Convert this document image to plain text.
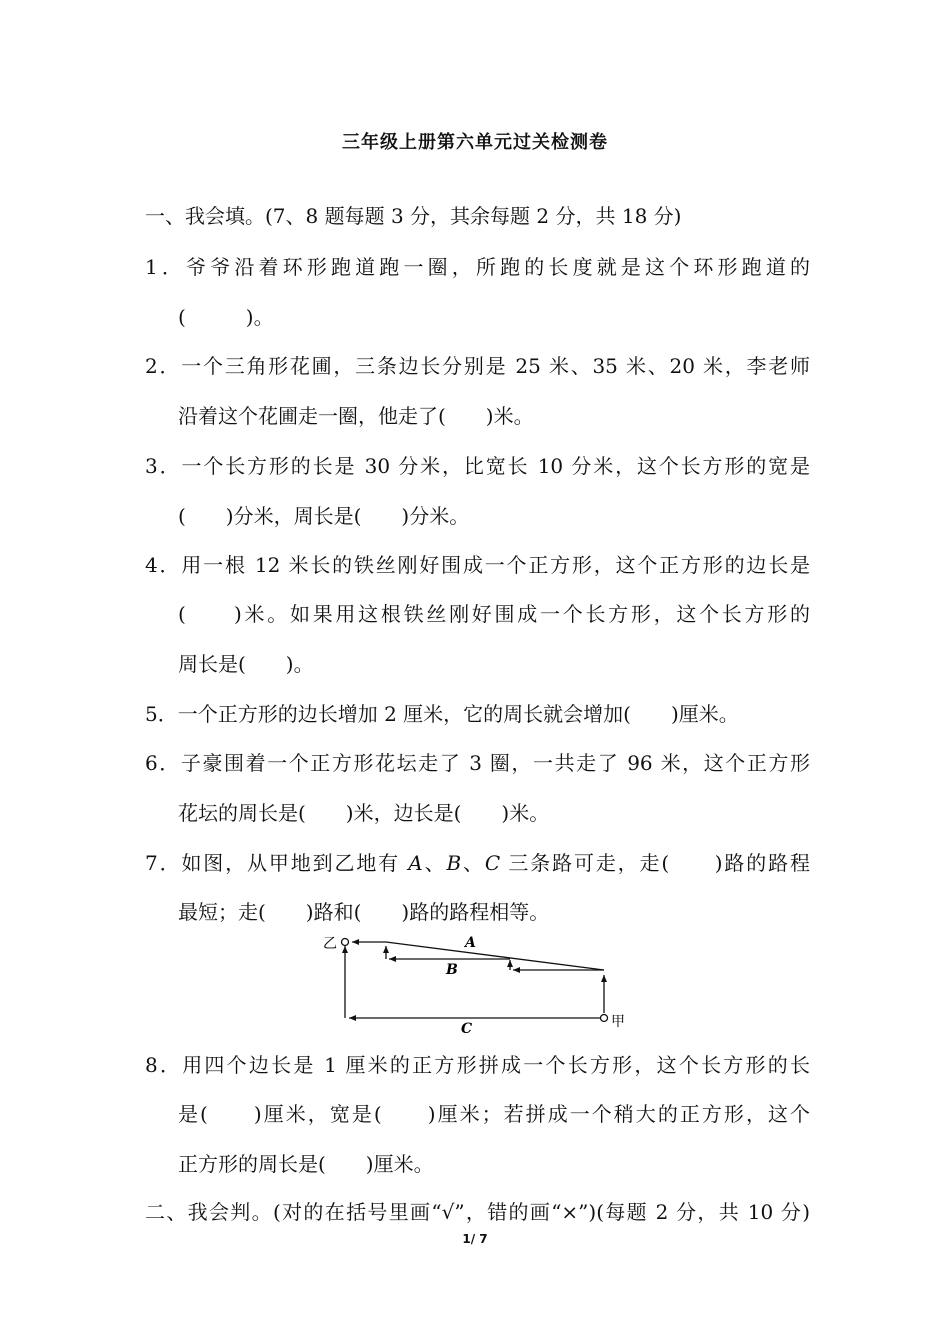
三年级上册第六单元过关检测卷
一、我会填。(7、8 题每题 3 分，其余每题 2 分，共 18 分)
1．爷爷沿着环形跑道跑一圈，所跑的长度就是这个环形跑道的
(　　　)。
2．一个三角形花圃，三条边长分别是 25 米、35 米、20 米，李老师
沿着这个花圃走一圈，他走了(　　)米。
3．一个长方形的长是 30 分米，比宽长 10 分米，这个长方形的宽是
(　　)分米，周长是(　　)分米。
4．用一根 12 米长的铁丝刚好围成一个正方形，这个正方形的边长是
(　　)米。如果用这根铁丝刚好围成一个长方形，这个长方形的
周长是(　　)。
5．一个正方形的边长增加 2 厘米，它的周长就会增加(　　)厘米。
6．子豪围着一个正方形花坛走了 3 圈，一共走了 96 米，这个正方形
花坛的周长是(　　)米，边长是(　　)米。
7．如图，从甲地到乙地有 A、B、C 三条路可走，走(　　)路的路程
最短；走(　　)路和(　　)路的路程相等。
乙
甲
A
B
C
8．用四个边长是 1 厘米的正方形拼成一个长方形，这个长方形的长
是(　　)厘米，宽是(　　)厘米；若拼成一个稍大的正方形，这个
正方形的周长是(　　)厘米。
二、我会判。(对的在括号里画“√”，错的画“×”)(每题 2 分，共 10 分)
1/ 7
